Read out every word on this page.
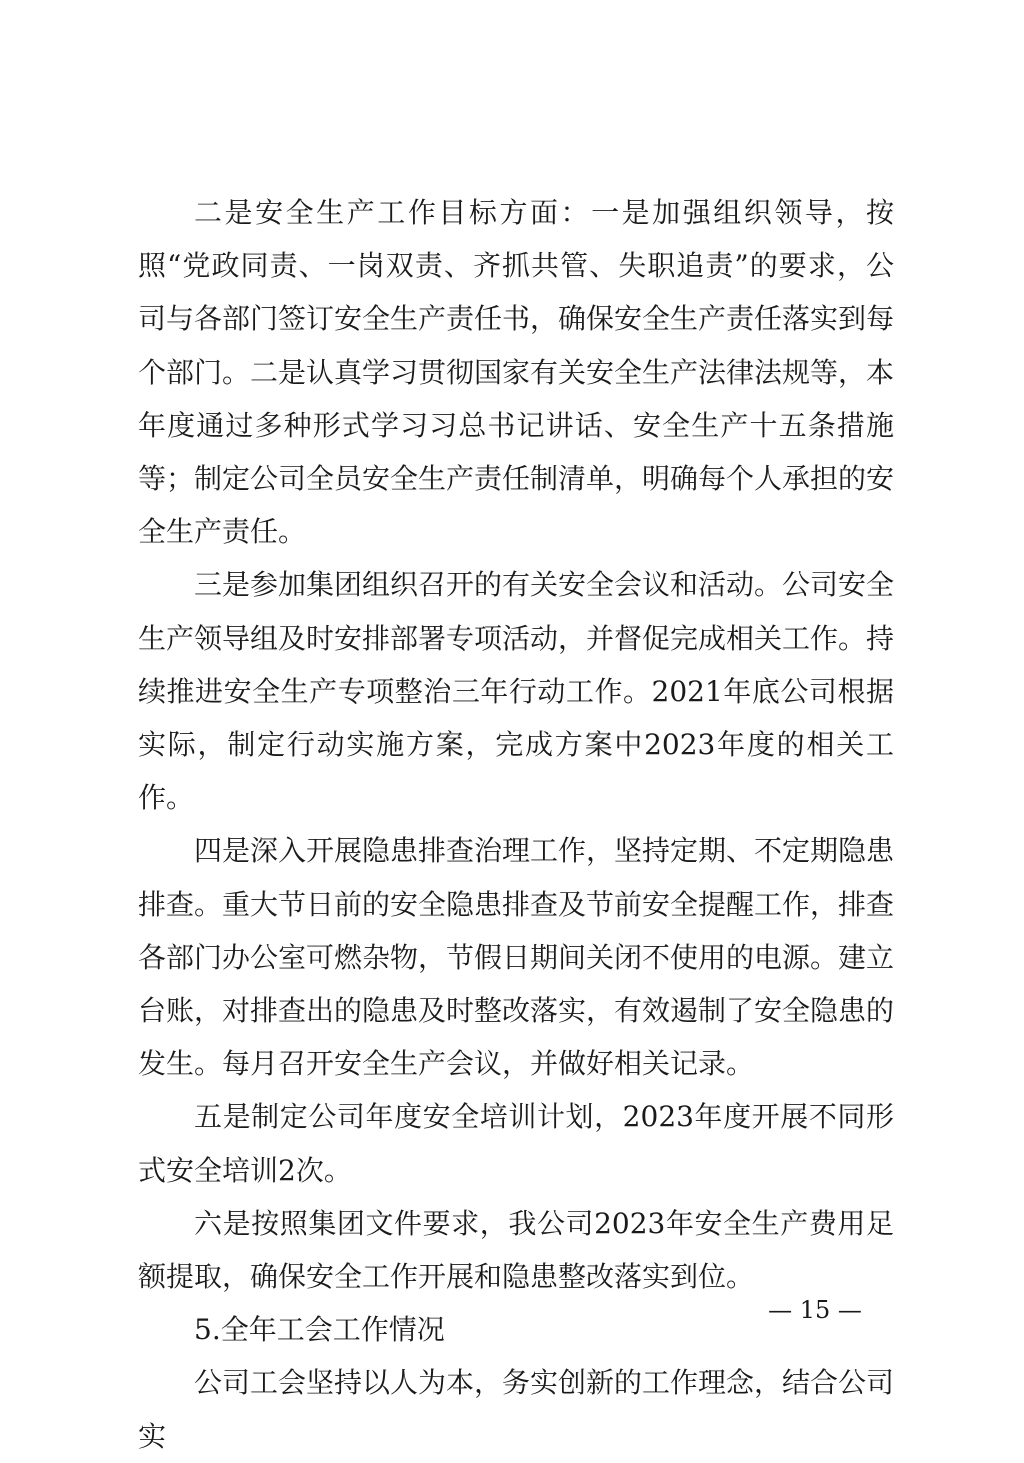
二是安全生产工作目标方面：一是加强组织领导，按照“党政同责、一岗双责、齐抓共管、失职追责”的要求，公司与各部门签订安全生产责任书，确保安全生产责任落实到每个部门。二是认真学习贯彻国家有关安全生产法律法规等，本年度通过多种形式学习习总书记讲话、安全生产十五条措施等；制定公司全员安全生产责任制清单，明确每个人承担的安全生产责任。

三是参加集团组织召开的有关安全会议和活动。公司安全生产领导组及时安排部署专项活动，并督促完成相关工作。持续推进安全生产专项整治三年行动工作。2021年底公司根据实际，制定行动实施方案，完成方案中2023年度的相关工作。

四是深入开展隐患排查治理工作，坚持定期、不定期隐患排查。重大节日前的安全隐患排查及节前安全提醒工作，排查各部门办公室可燃杂物，节假日期间关闭不使用的电源。建立台账，对排查出的隐患及时整改落实，有效遏制了安全隐患的发生。每月召开安全生产会议，并做好相关记录。

五是制定公司年度安全培训计划，2023年度开展不同形式安全培训2次。

六是按照集团文件要求，我公司2023年安全生产费用足额提取，确保安全工作开展和隐患整改落实到位。

5.全年工会工作情况

公司工会坚持以人为本，务实创新的工作理念，结合公司实

— 15 —
